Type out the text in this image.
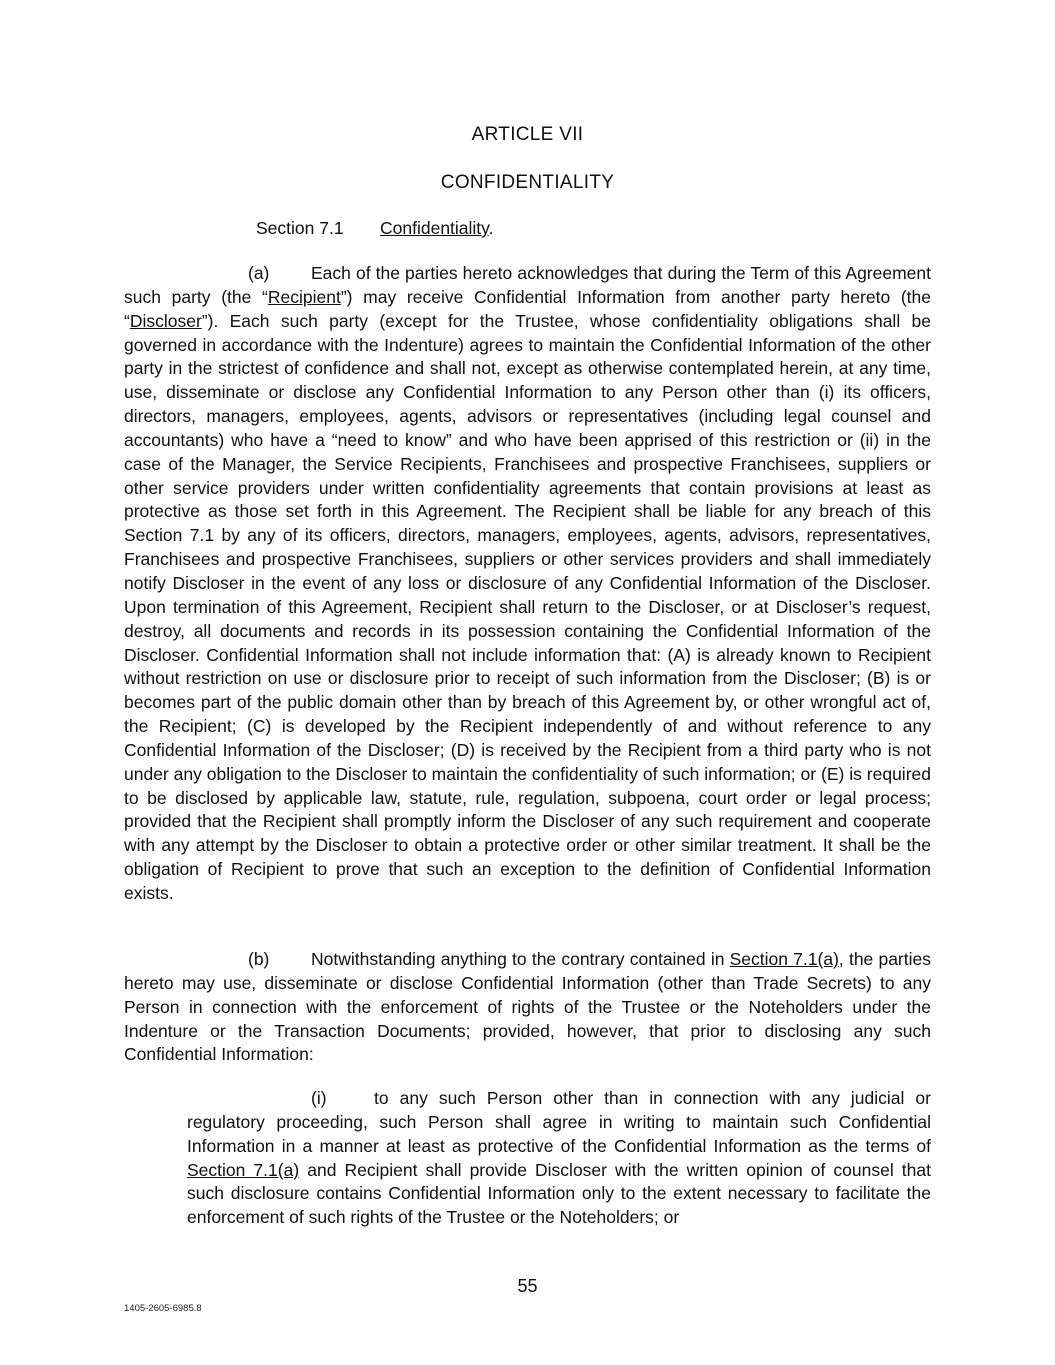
ARTICLE VII
CONFIDENTIALITY
Section 7.1 Confidentiality.

(a) Each of the parties hereto acknowledges that during the Term of this Agreement such party (the “Recipient”) may receive Confidential Information from another party hereto (the “Discloser”). Each such party (except for the Trustee, whose confidentiality obligations shall be governed in accordance with the Indenture) agrees to maintain the Confidential Information of the other party in the strictest of confidence and shall not, except as otherwise contemplated herein, at any time, use, disseminate or disclose any Confidential Information to any Person other than (i) its officers, directors, managers, employees, agents, advisors or representatives (including legal counsel and accountants) who have a “need to know” and who have been apprised of this restriction or (ii) in the case of the Manager, the Service Recipients, Franchisees and prospective Franchisees, suppliers or other service providers under written confidentiality agreements that contain provisions at least as protective as those set forth in this Agreement. The Recipient shall be liable for any breach of this Section 7.1 by any of its officers, directors, managers, employees, agents, advisors, representatives, Franchisees and prospective Franchisees, suppliers or other services providers and shall immediately notify Discloser in the event of any loss or disclosure of any Confidential Information of the Discloser. Upon termination of this Agreement, Recipient shall return to the Discloser, or at Discloser’s request, destroy, all documents and records in its possession containing the Confidential Information of the Discloser. Confidential Information shall not include information that: (A) is already known to Recipient without restriction on use or disclosure prior to receipt of such information from the Discloser; (B) is or becomes part of the public domain other than by breach of this Agreement by, or other wrongful act of, the Recipient; (C) is developed by the Recipient independently of and without reference to any Confidential Information of the Discloser; (D) is received by the Recipient from a third party who is not under any obligation to the Discloser to maintain the confidentiality of such information; or (E) is required to be disclosed by applicable law, statute, rule, regulation, subpoena, court order or legal process; provided that the Recipient shall promptly inform the Discloser of any such requirement and cooperate with any attempt by the Discloser to obtain a protective order or other similar treatment. It shall be the obligation of Recipient to prove that such an exception to the definition of Confidential Information exists.

(b) Notwithstanding anything to the contrary contained in Section 7.1(a), the parties hereto may use, disseminate or disclose Confidential Information (other than Trade Secrets) to any Person in connection with the enforcement of rights of the Trustee or the Noteholders under the Indenture or the Transaction Documents; provided, however, that prior to disclosing any such Confidential Information:

(i)	to any such Person other than in connection with any judicial or regulatory proceeding, such Person shall agree in writing to maintain such Confidential Information in a manner at least as protective of the Confidential Information as the terms of Section 7.1(a) and Recipient shall provide Discloser with the written opinion of counsel that such disclosure contains Confidential Information only to the extent necessary to facilitate the enforcement of such rights of the Trustee or the Noteholders; or

55
1405-2605-6985.8
